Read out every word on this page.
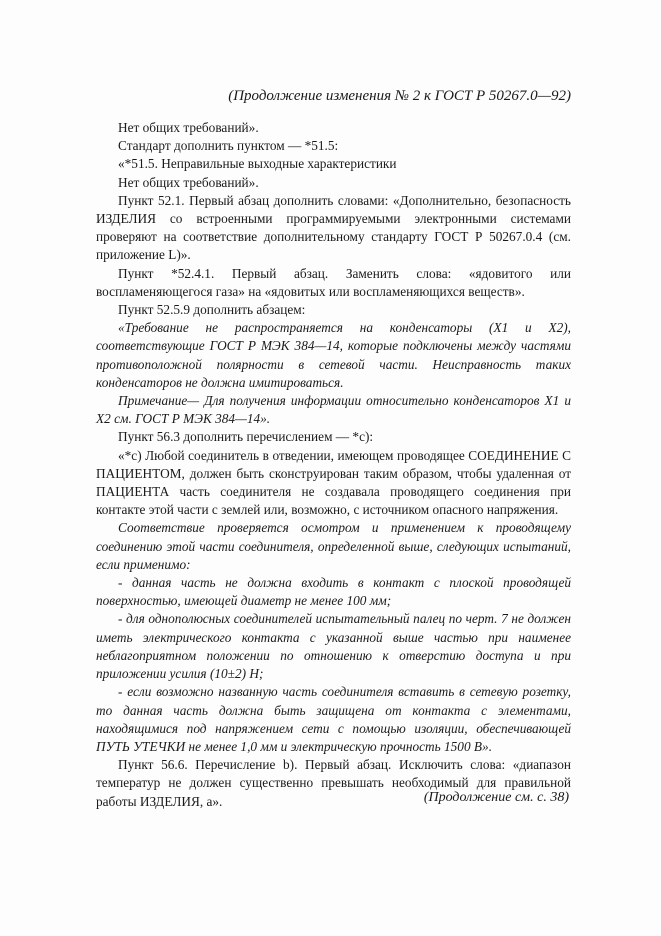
(Продолжение изменения № 2 к ГОСТ Р 50267.0—92)

Нет общих требований».

Стандарт дополнить пунктом — *51.5:

«*51.5. Неправильные выходные характеристики

Нет общих требований».

Пункт 52.1. Первый абзац дополнить словами: «Дополнительно, безопасность ИЗДЕЛИЯ со встроенными программируемыми электронными системами проверяют на соответствие дополнительному стандарту ГОСТ Р 50267.0.4 (см. приложение L)».

Пункт *52.4.1. Первый абзац. Заменить слова: «ядовитого или воспламеняющегося газа» на «ядовитых или воспламеняющихся веществ».

Пункт 52.5.9 дополнить абзацем:

«Требование не распространяется на конденсаторы (X1 и X2), соответствующие ГОСТ Р МЭК 384—14, которые подключены между частями противоположной полярности в сетевой части. Неисправность таких конденсаторов не должна имитироваться.

Примечание— Для получения информации относительно конденсаторов X1 и X2 см. ГОСТ Р МЭК 384—14».

Пункт 56.3 дополнить перечислением — *с):

«*с) Любой соединитель в отведении, имеющем проводящее СОЕДИНЕНИЕ С ПАЦИЕНТОМ, должен быть сконструирован таким образом, чтобы удаленная от ПАЦИЕНТА часть соединителя не создавала проводящего соединения при контакте этой части с землей или, возможно, с источником опасного напряжения.

Соответствие проверяется осмотром и применением к проводящему соединению этой части соединителя, определенной выше, следующих испытаний, если применимо:

- данная часть не должна входить в контакт с плоской проводящей поверхностью, имеющей диаметр не менее 100 мм;

- для однополюсных соединителей испытательный палец по черт. 7 не должен иметь электрического контакта с указанной выше частью при наименее неблагоприятном положении по отношению к отверстию доступа и при приложении усилия (10±2) Н;

- если возможно названную часть соединителя вставить в сетевую розетку, то данная часть должна быть защищена от контакта с элементами, находящимися под напряжением сети с помощью изоляции, обеспечивающей ПУТЬ УТЕЧКИ не менее 1,0 мм и электрическую прочность 1500 В».

Пункт 56.6. Перечисление b). Первый абзац. Исключить слова: «диапазон температур не должен существенно превышать необходимый для правильной работы ИЗДЕЛИЯ, а».	(Продолжение см. с. 38)
